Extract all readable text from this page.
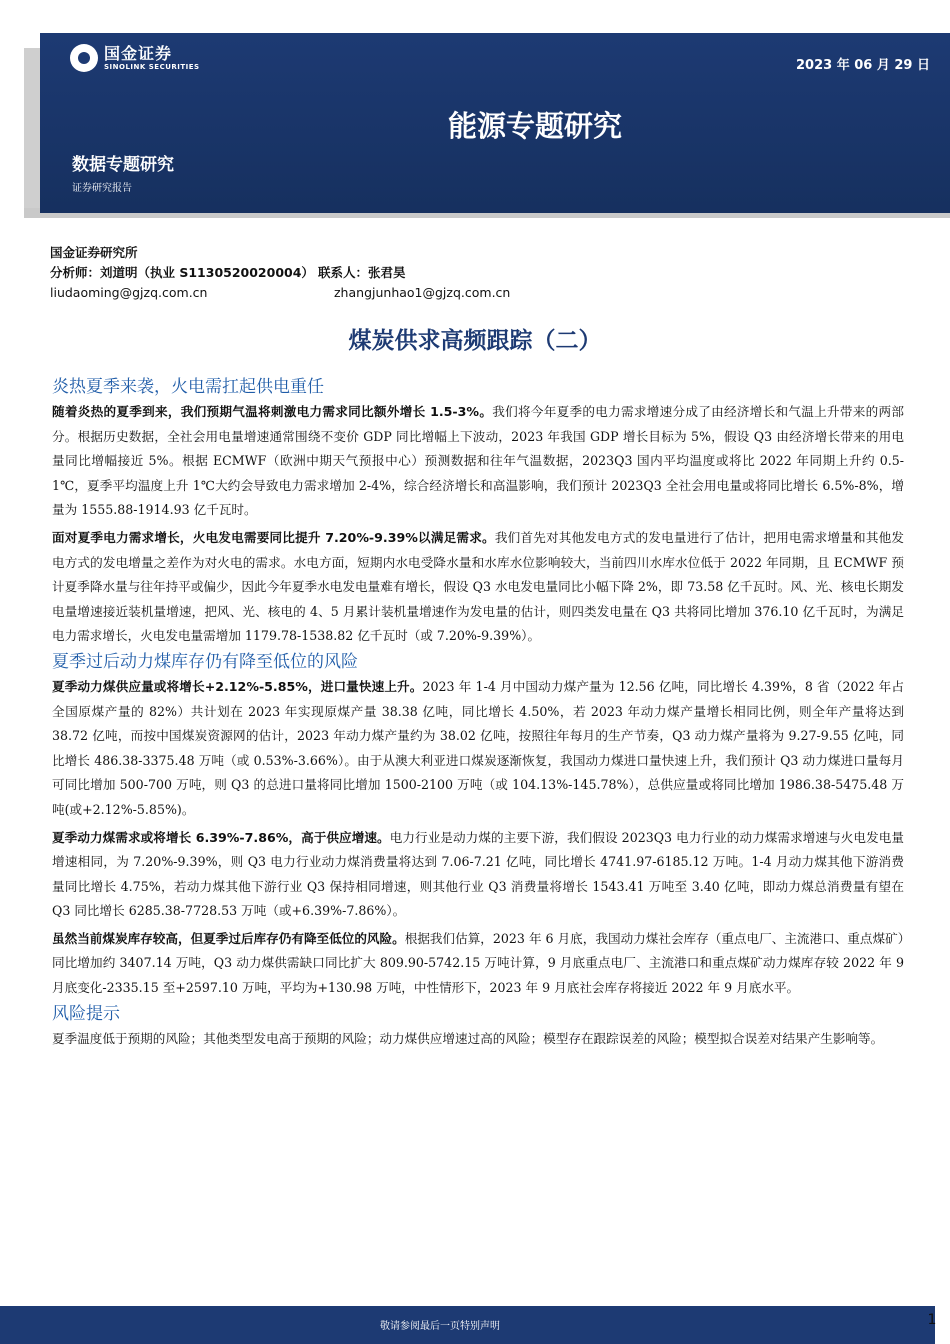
国金证券
SINOLINK SECURITIES	2023 年 06 月 29 日
能源专题研究
数据专题研究
证券研究报告
国金证券研究所
分析师：刘道明（执业 S1130520020004） 联系人：张君昊
liudaoming@gjzq.com.cn	zhangjunhao1@gjzq.com.cn
煤炭供求高频跟踪（二）
炎热夏季来袭，火电需扛起供电重任

随着炎热的夏季到来，我们预期气温将刺激电力需求同比额外增长 1.5-3%。我们将今年夏季的电力需求增速分成了由经济增长和气温上升带来的两部分。根据历史数据，全社会用电量增速通常围绕不变价 GDP 同比增幅上下波动，2023 年我国 GDP 增长目标为 5%，假设 Q3 由经济增长带来的用电量同比增幅接近 5%。根据 ECMWF（欧洲中期天气预报中心）预测数据和往年气温数据，2023Q3 国内平均温度或将比 2022 年同期上升约 0.5-1℃，夏季平均温度上升 1℃大约会导致电力需求增加 2-4%，综合经济增长和高温影响，我们预计 2023Q3 全社会用电量或将同比增长 6.5%-8%，增量为 1555.88-1914.93 亿千瓦时。

面对夏季电力需求增长，火电发电需要同比提升 7.20%-9.39%以满足需求。我们首先对其他发电方式的发电量进行了估计，把用电需求增量和其他发电方式的发电增量之差作为对火电的需求。水电方面，短期内水电受降水量和水库水位影响较大，当前四川水库水位低于 2022 年同期，且 ECMWF 预计夏季降水量与往年持平或偏少，因此今年夏季水电发电量难有增长，假设 Q3 水电发电量同比小幅下降 2%，即 73.58 亿千瓦时。风、光、核电长期发电量增速接近装机量增速，把风、光、核电的 4、5 月累计装机量增速作为发电量的估计，则四类发电量在 Q3 共将同比增加 376.10 亿千瓦时，为满足电力需求增长，火电发电量需增加 1179.78-1538.82 亿千瓦时（或 7.20%-9.39%）。

夏季过后动力煤库存仍有降至低位的风险

夏季动力煤供应量或将增长+2.12%-5.85%，进口量快速上升。2023 年 1-4 月中国动力煤产量为 12.56 亿吨，同比增长 4.39%，8 省（2022 年占全国原煤产量的 82%）共计划在 2023 年实现原煤产量 38.38 亿吨，同比增长 4.50%，若 2023 年动力煤产量增长相同比例，则全年产量将达到 38.72 亿吨，而按中国煤炭资源网的估计，2023 年动力煤产量约为 38.02 亿吨，按照往年每月的生产节奏，Q3 动力煤产量将为 9.27-9.55 亿吨，同比增长 486.38-3375.48 万吨（或 0.53%-3.66%）。由于从澳大利亚进口煤炭逐渐恢复，我国动力煤进口量快速上升，我们预计 Q3 动力煤进口量每月可同比增加 500-700 万吨，则 Q3 的总进口量将同比增加 1500-2100 万吨（或 104.13%-145.78%），总供应量或将同比增加 1986.38-5475.48 万吨(或+2.12%-5.85%)。

夏季动力煤需求或将增长 6.39%-7.86%，高于供应增速。电力行业是动力煤的主要下游，我们假设 2023Q3 电力行业的动力煤需求增速与火电发电量增速相同，为 7.20%-9.39%，则 Q3 电力行业动力煤消费量将达到 7.06-7.21 亿吨，同比增长 4741.97-6185.12 万吨。1-4 月动力煤其他下游消费量同比增长 4.75%，若动力煤其他下游行业 Q3 保持相同增速，则其他行业 Q3 消费量将增长 1543.41 万吨至 3.40 亿吨，即动力煤总消费量有望在 Q3 同比增长 6285.38-7728.53 万吨（或+6.39%-7.86%）。

虽然当前煤炭库存较高，但夏季过后库存仍有降至低位的风险。根据我们估算，2023 年 6 月底，我国动力煤社会库存（重点电厂、主流港口、重点煤矿）同比增加约 3407.14 万吨，Q3 动力煤供需缺口同比扩大 809.90-5742.15 万吨计算，9 月底重点电厂、主流港口和重点煤矿动力煤库存较 2022 年 9 月底变化-2335.15 至+2597.10 万吨，平均为+130.98 万吨，中性情形下，2023 年 9 月底社会库存将接近 2022 年 9 月底水平。

风险提示

夏季温度低于预期的风险；其他类型发电高于预期的风险；动力煤供应增速过高的风险；模型存在跟踪误差的风险；模型拟合误差对结果产生影响等。

敬请参阅最后一页特别声明	1
